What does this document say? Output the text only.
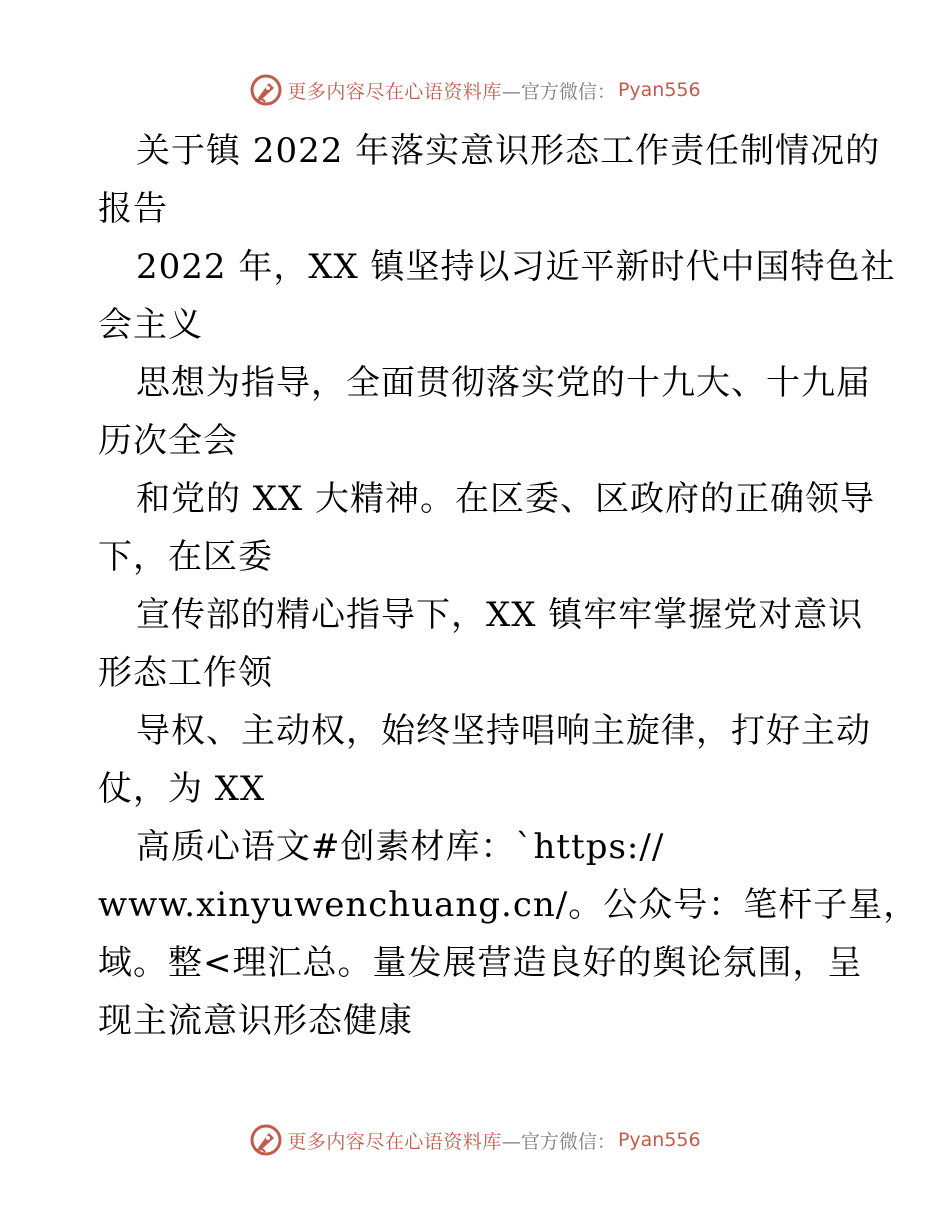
更多内容尽在心语资料库 —官方微信： Pyan556
关于镇 2022 年落实意识形态工作责任制情况的
报告
2022 年，XX 镇坚持以习近平新时代中国特色社
会主义
思想为指导，全面贯彻落实党的十九大、十九届
历次全会
和党的 XX 大精神。在区委、区政府的正确领导
下，在区委
宣传部的精心指导下，XX 镇牢牢掌握党对意识
形态工作领
导权、主动权，始终坚持唱响主旋律，打好主动
仗，为 XX
高质心语文#创素材库：`https://
www.xinyuwenchuang.cn/。公众号：笔杆子星，
域。整<理汇总。量发展营造良好的舆论氛围，呈
现主流意识形态健康
更多内容尽在心语资料库 —官方微信： Pyan556
